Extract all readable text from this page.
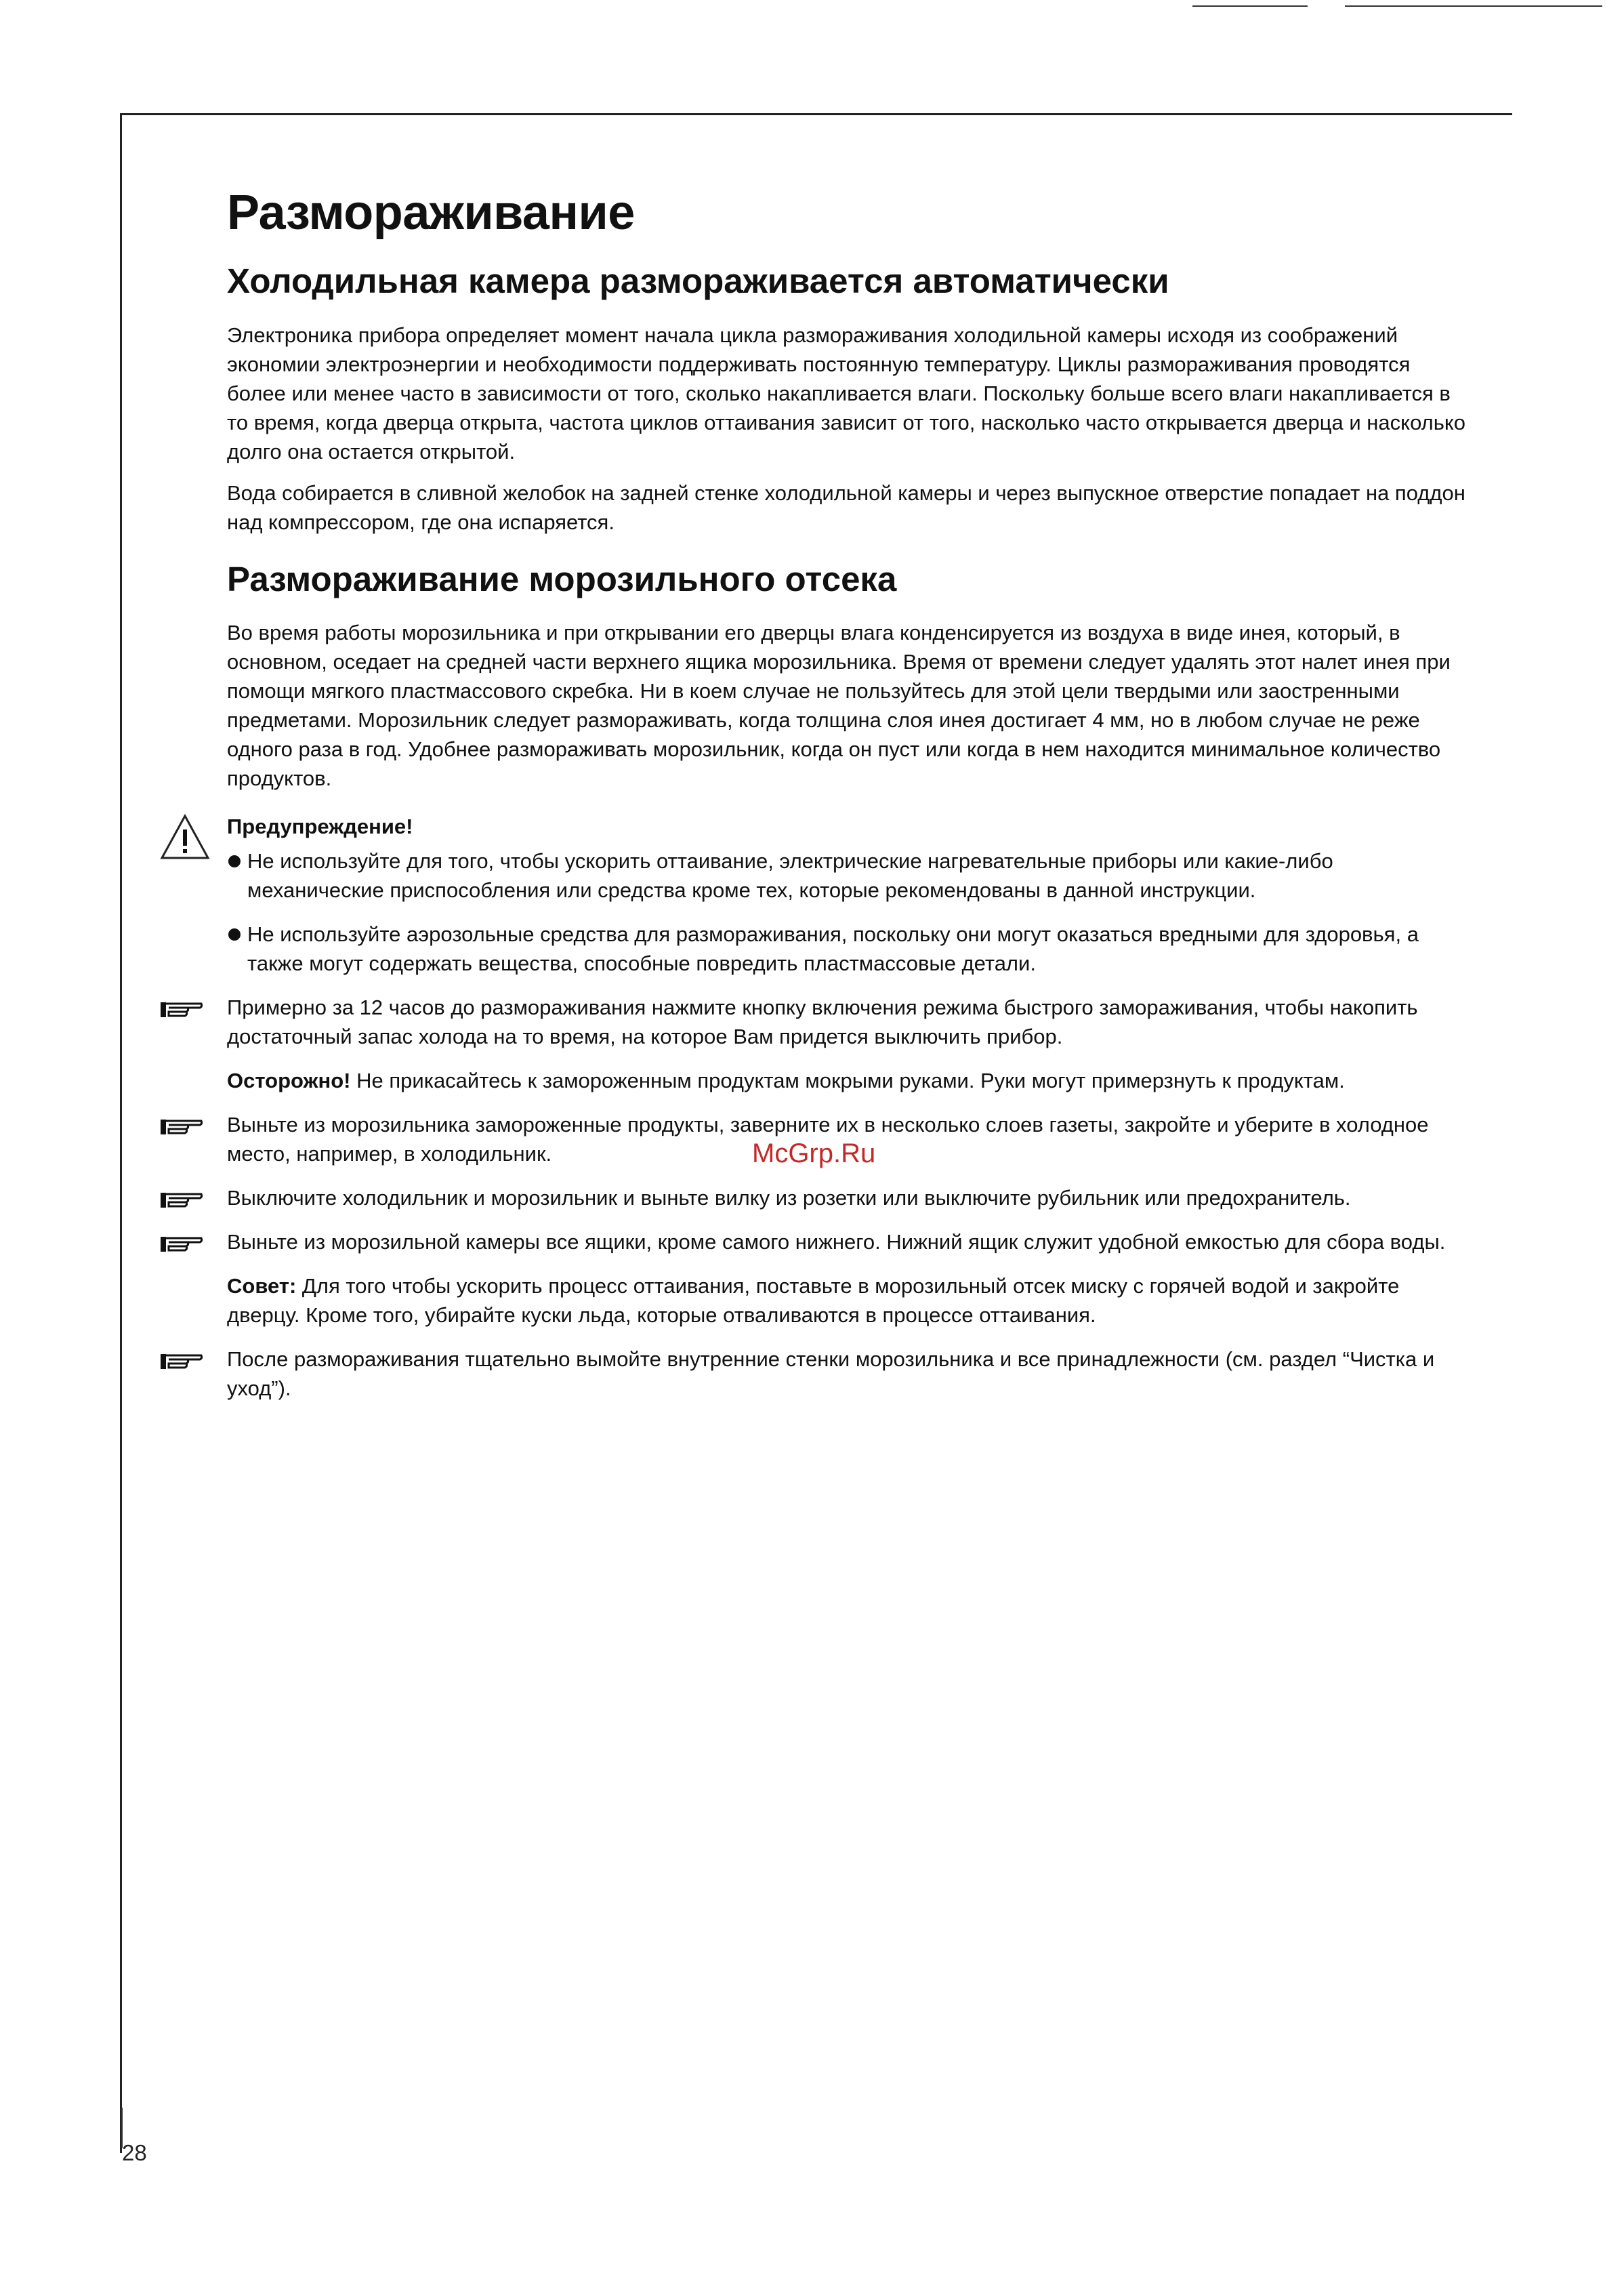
Размораживание
Холодильная камера размораживается автоматически

Электроника прибора определяет момент начала цикла размораживания холодильной камеры исходя из соображений экономии электроэнергии и необходимости поддерживать постоянную температуру. Циклы размораживания проводятся более или менее часто в зависимости от того, сколько накапливается влаги. Поскольку больше всего влаги накапливается в то время, когда дверца открыта, частота циклов оттаивания зависит от того, насколько часто открывается дверца и насколько долго она остается открытой.

Вода собирается в сливной желобок на задней стенке холодильной камеры и через выпускное отверстие попадает на поддон над компрессором, где она испаряется.

Размораживание морозильного отсека

Во время работы морозильника и при открывании его дверцы влага конденсируется из воздуха в виде инея, который, в основном, оседает на средней части верхнего ящика морозильника. Время от времени следует удалять этот налет инея при помощи мягкого пластмассового скребка. Ни в коем случае не пользуйтесь для этой цели твердыми или заостренными предметами. Морозильник следует размораживать, когда толщина слоя инея достигает 4 мм, но в любом случае не реже одного раза в год. Удобнее размораживать морозильник, когда он пуст или когда в нем находится минимальное количество продуктов.

Предупреждение!

Не используйте для того, чтобы ускорить оттаивание, электрические нагревательные приборы или какие-либо механические приспособления или средства кроме тех, которые рекомендованы в данной инструкции.

Не используйте аэрозольные средства для размораживания, поскольку они могут оказаться вредными для здоровья, а также могут содержать вещества, способные повредить пластмассовые детали.

Примерно за 12 часов до размораживания нажмите кнопку включения режима быстрого замораживания, чтобы накопить достаточный запас холода на то время, на которое Вам придется выключить прибор.

Осторожно! Не прикасайтесь к замороженным продуктам мокрыми руками. Руки могут примерзнуть к продуктам.

Выньте из морозильника замороженные продукты, заверните их в несколько слоев газеты, закройте и уберите в холодное место, например, в холодильник.

Выключите холодильник и морозильник и выньте вилку из розетки или выключите рубильник или предохранитель.

Выньте из морозильной камеры все ящики, кроме самого нижнего. Нижний ящик служит удобной емкостью для сбора воды.

Совет: Для того чтобы ускорить процесс оттаивания, поставьте в морозильный отсек миску с горячей водой и закройте дверцу. Кроме того, убирайте куски льда, которые отваливаются в процессе оттаивания.

После размораживания тщательно вымойте внутренние стенки морозильника и все принадлежности (см. раздел “Чистка и уход”).

McGrp.Ru
28
